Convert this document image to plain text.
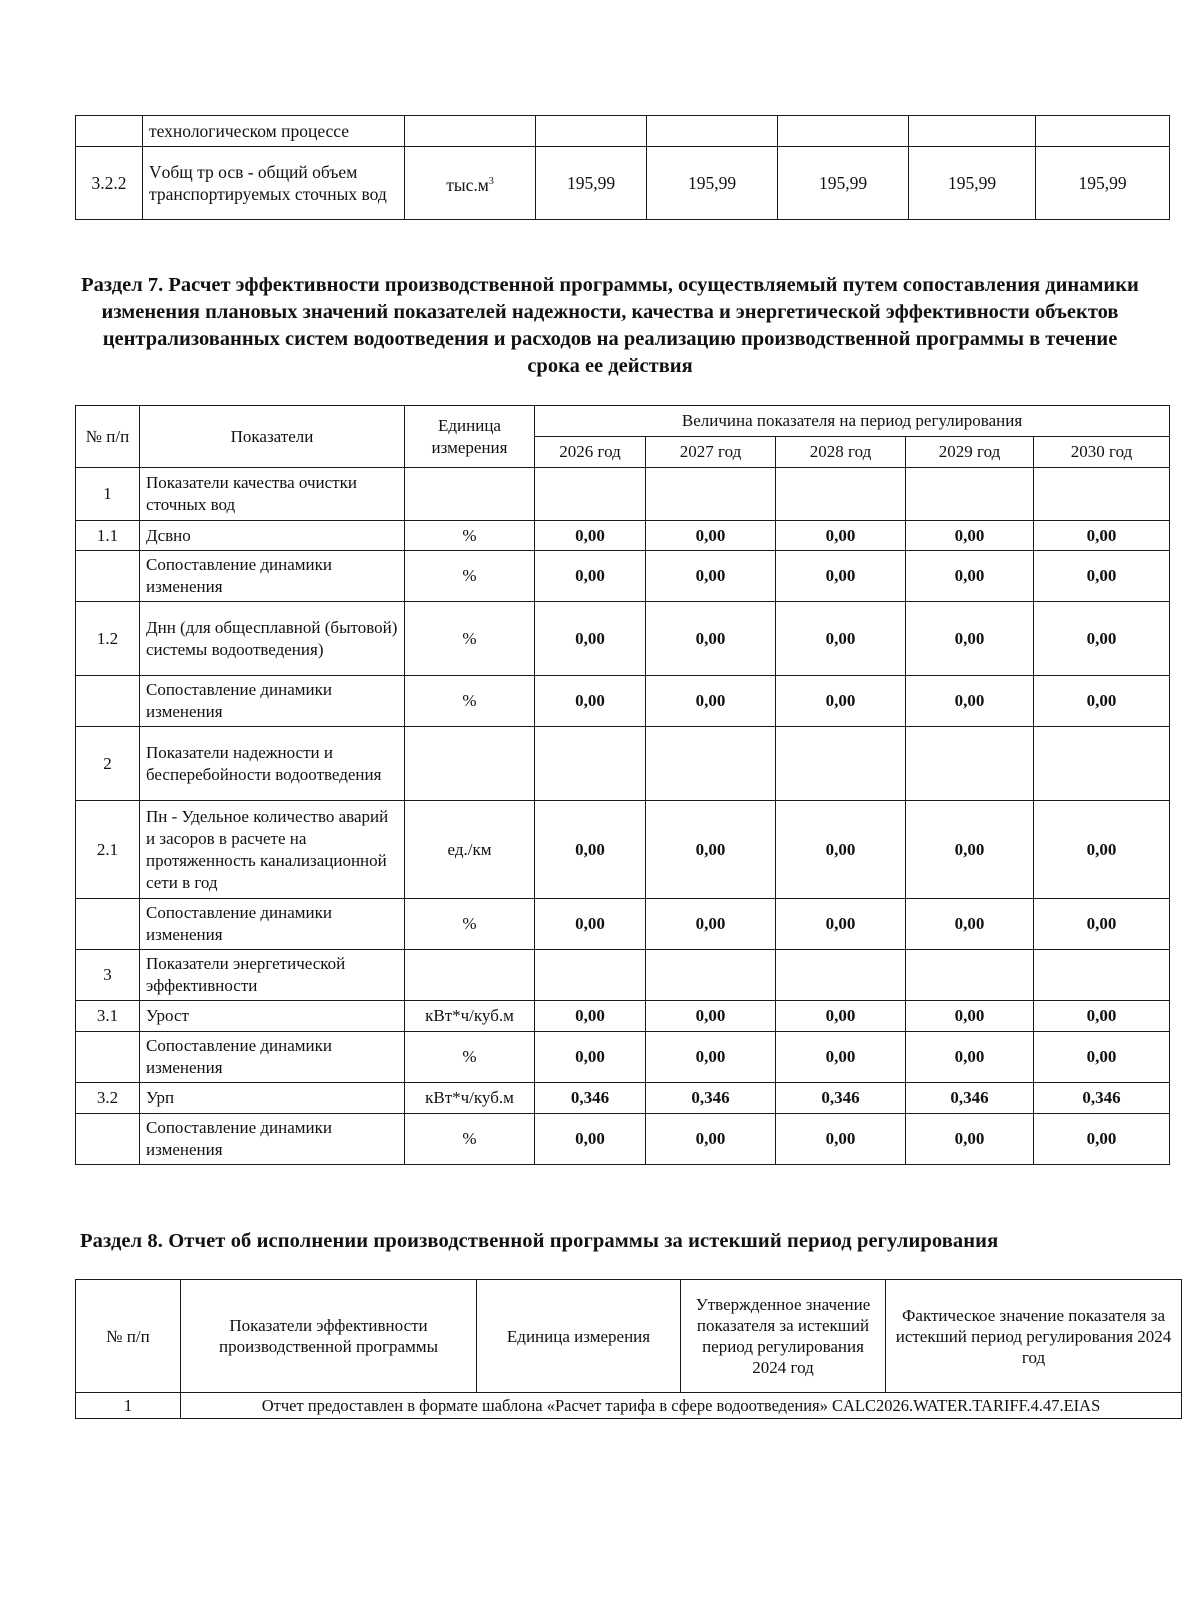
	технологическом процессе						
3.2.2	Vобщ тр осв - общий объем транспортируемых сточных вод	$тыс.м^3$	195,99	195,99	195,99	195,99	195,99
Раздел 7. Расчет эффективности производственной программы, осуществляемый путем сопоставления динамики изменения плановых значений показателей надежности, качества и энергетической эффективности объектов централизованных систем водоотведения и расходов на реализацию производственной программы в течение срока ее действия
№ п/п	Показатели	Единица измерения	Величина показателя на период регулирования				
			2026 год	2027 год	2028 год	2029 год	2030 год
1	Показатели качества очистки сточных вод						
1.1	Дсвно	%	0,00	0,00	0,00	0,00	0,00
	Сопоставление динамики изменения	%	0,00	0,00	0,00	0,00	0,00
1.2	Днн (для общесплавной (бытовой) системы водоотведения)	%	0,00	0,00	0,00	0,00	0,00
	Сопоставление динамики изменения	%	0,00	0,00	0,00	0,00	0,00
2	Показатели надежности и бесперебойности водоотведения						
2.1	Пн - Удельное количество аварий и засоров в расчете на протяженность канализационной сети в год	ед./км	0,00	0,00	0,00	0,00	0,00
	Сопоставление динамики изменения	%	0,00	0,00	0,00	0,00	0,00
3	Показатели энергетической эффективности						
3.1	Урост	кВт*ч/куб.м	0,00	0,00	0,00	0,00	0,00
	Сопоставление динамики изменения	%	0,00	0,00	0,00	0,00	0,00
3.2	Урп	кВт*ч/куб.м	0,346	0,346	0,346	0,346	0,346
	Сопоставление динамики изменения	%	0,00	0,00	0,00	0,00	0,00
Раздел 8. Отчет об исполнении производственной программы за истекший период регулирования
№ п/п	Показатели эффективности производственной программы	Единица измерения	Утвержденное значение показателя за истекший период регулирования 2024 год	Фактическое значение показателя за истекший период регулирования 2024 год
1	Отчет предоставлен в формате шаблона «Расчет тарифа в сфере водоотведения» CALC2026.WATER.TARIFF.4.47.EIAS			
